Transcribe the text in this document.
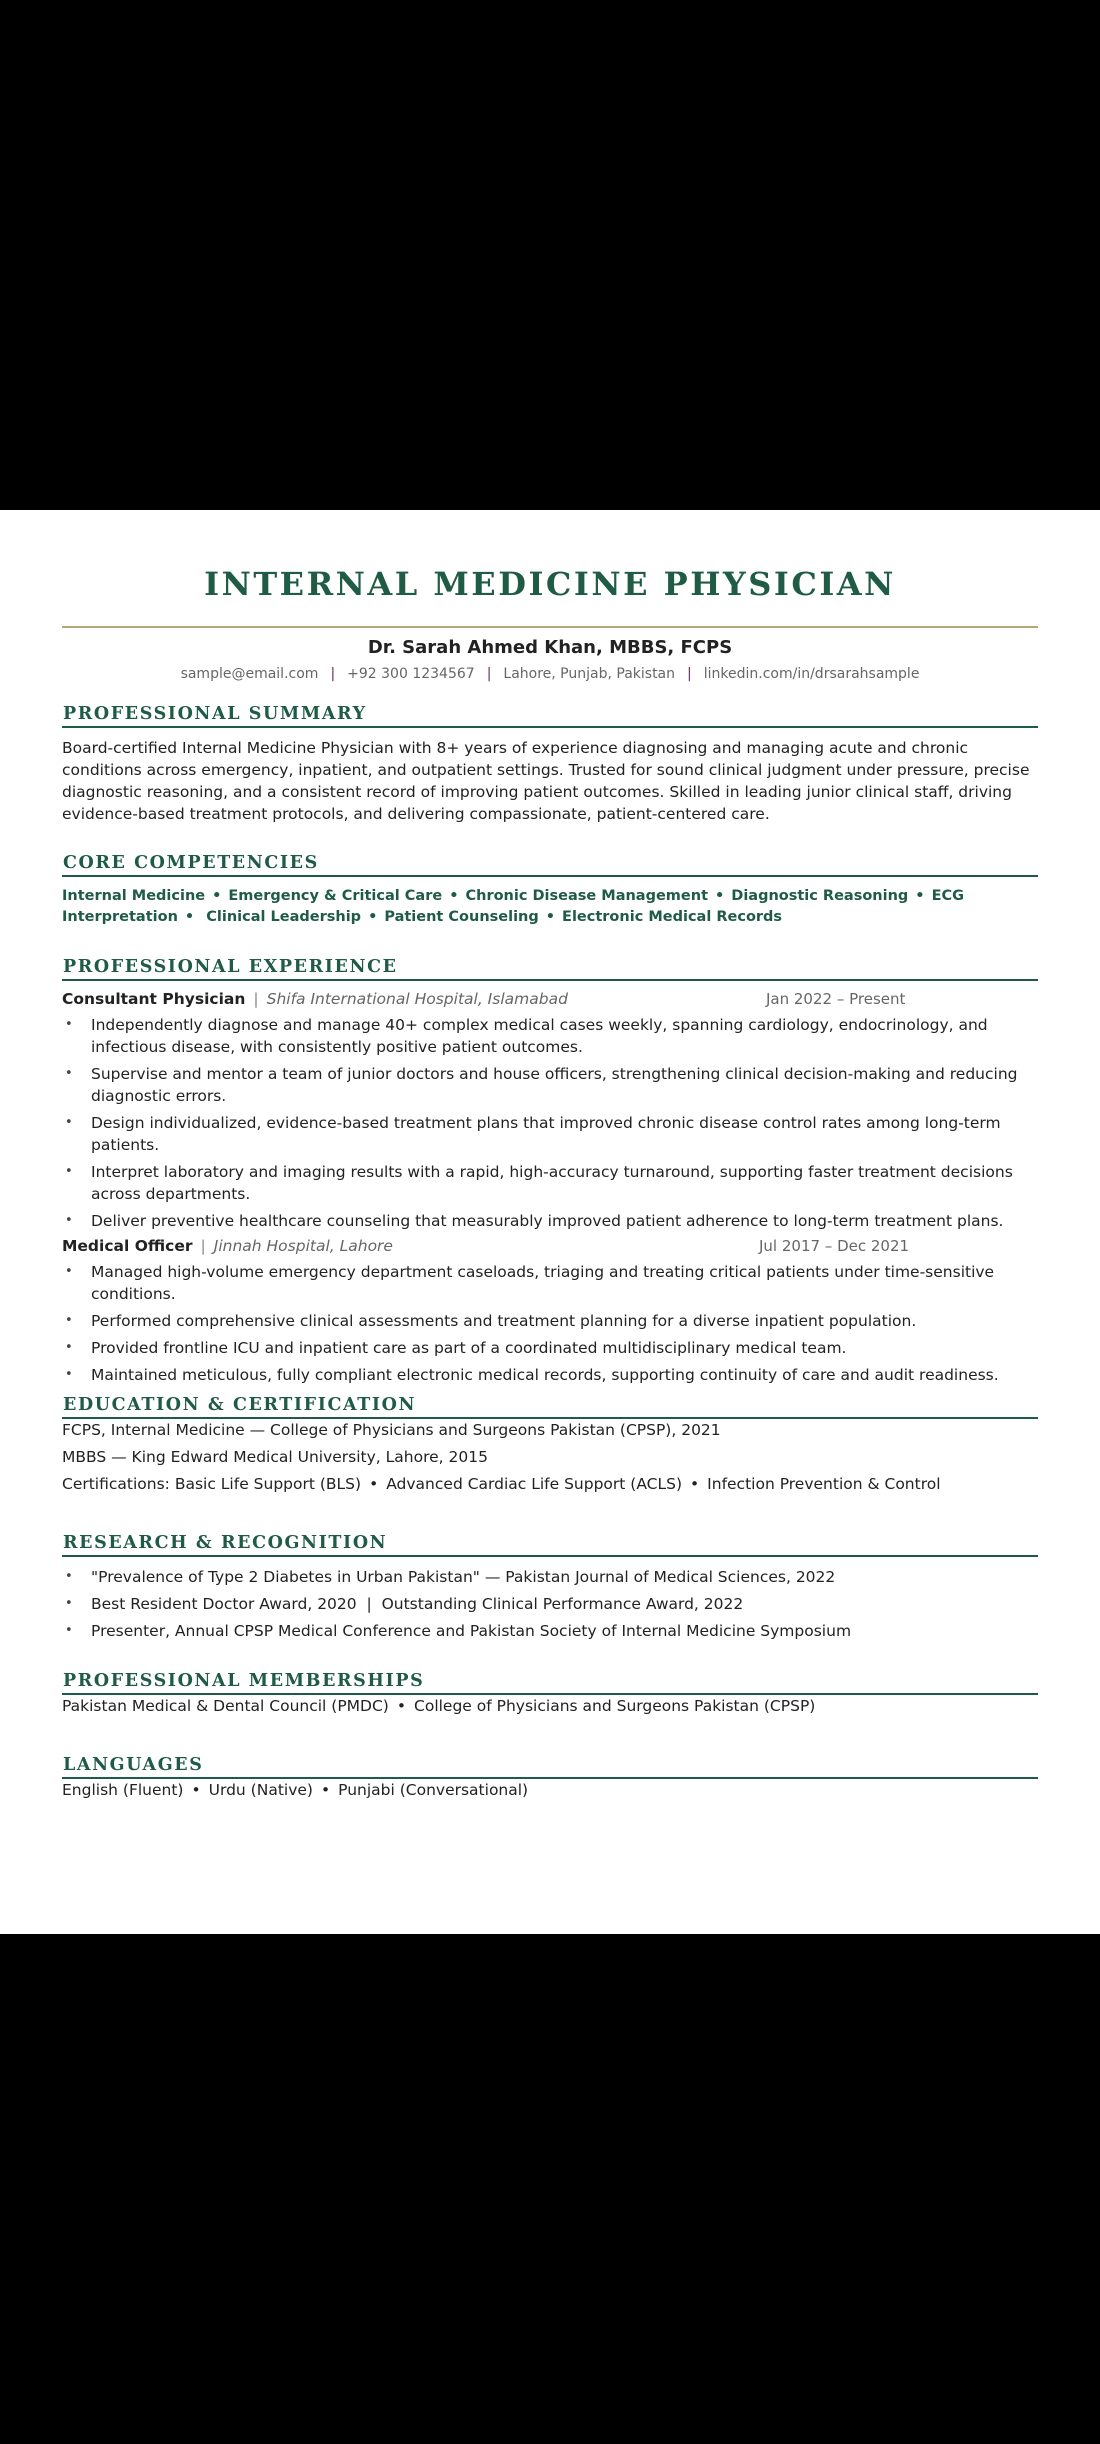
INTERNAL MEDICINE PHYSICIAN
Dr. Sarah Ahmed Khan, MBBS, FCPS
sample@email.com | +92 300 1234567 | Lahore, Punjab, Pakistan | linkedin.com/in/drsarahsample
PROFESSIONAL SUMMARY
Board-certified Internal Medicine Physician with 8+ years of experience diagnosing and managing acute and chronic conditions across emergency, inpatient, and outpatient settings. Trusted for sound clinical judgment under pressure, precise diagnostic reasoning, and a consistent record of improving patient outcomes. Skilled in leading junior clinical staff, driving evidence-based treatment protocols, and delivering compassionate, patient-centered care.
CORE COMPETENCIES
Internal Medicine • Emergency & Critical Care • Chronic Disease Management • Diagnostic Reasoning • ECG Interpretation • Clinical Leadership • Patient Counseling • Electronic Medical Records
PROFESSIONAL EXPERIENCE
Consultant Physician | Shifa International Hospital, Islamabad	Jan 2022 – Present
• Independently diagnose and manage 40+ complex medical cases weekly, spanning cardiology, endocrinology, and infectious disease, with consistently positive patient outcomes.
• Supervise and mentor a team of junior doctors and house officers, strengthening clinical decision-making and reducing diagnostic errors.
• Design individualized, evidence-based treatment plans that improved chronic disease control rates among long-term patients.
• Interpret laboratory and imaging results with a rapid, high-accuracy turnaround, supporting faster treatment decisions across departments.
• Deliver preventive healthcare counseling that measurably improved patient adherence to long-term treatment plans.
Medical Officer | Jinnah Hospital, Lahore	Jul 2017 – Dec 2021
• Managed high-volume emergency department caseloads, triaging and treating critical patients under time-sensitive conditions.
• Performed comprehensive clinical assessments and treatment planning for a diverse inpatient population.
• Provided frontline ICU and inpatient care as part of a coordinated multidisciplinary medical team.
• Maintained meticulous, fully compliant electronic medical records, supporting continuity of care and audit readiness.
EDUCATION & CERTIFICATION
FCPS, Internal Medicine — College of Physicians and Surgeons Pakistan (CPSP), 2021
MBBS — King Edward Medical University, Lahore, 2015
Certifications: Basic Life Support (BLS) • Advanced Cardiac Life Support (ACLS) • Infection Prevention & Control
RESEARCH & RECOGNITION
• "Prevalence of Type 2 Diabetes in Urban Pakistan" — Pakistan Journal of Medical Sciences, 2022
• Best Resident Doctor Award, 2020  |  Outstanding Clinical Performance Award, 2022
• Presenter, Annual CPSP Medical Conference and Pakistan Society of Internal Medicine Symposium
PROFESSIONAL MEMBERSHIPS
Pakistan Medical & Dental Council (PMDC) • College of Physicians and Surgeons Pakistan (CPSP)
LANGUAGES
English (Fluent) • Urdu (Native) • Punjabi (Conversational)
